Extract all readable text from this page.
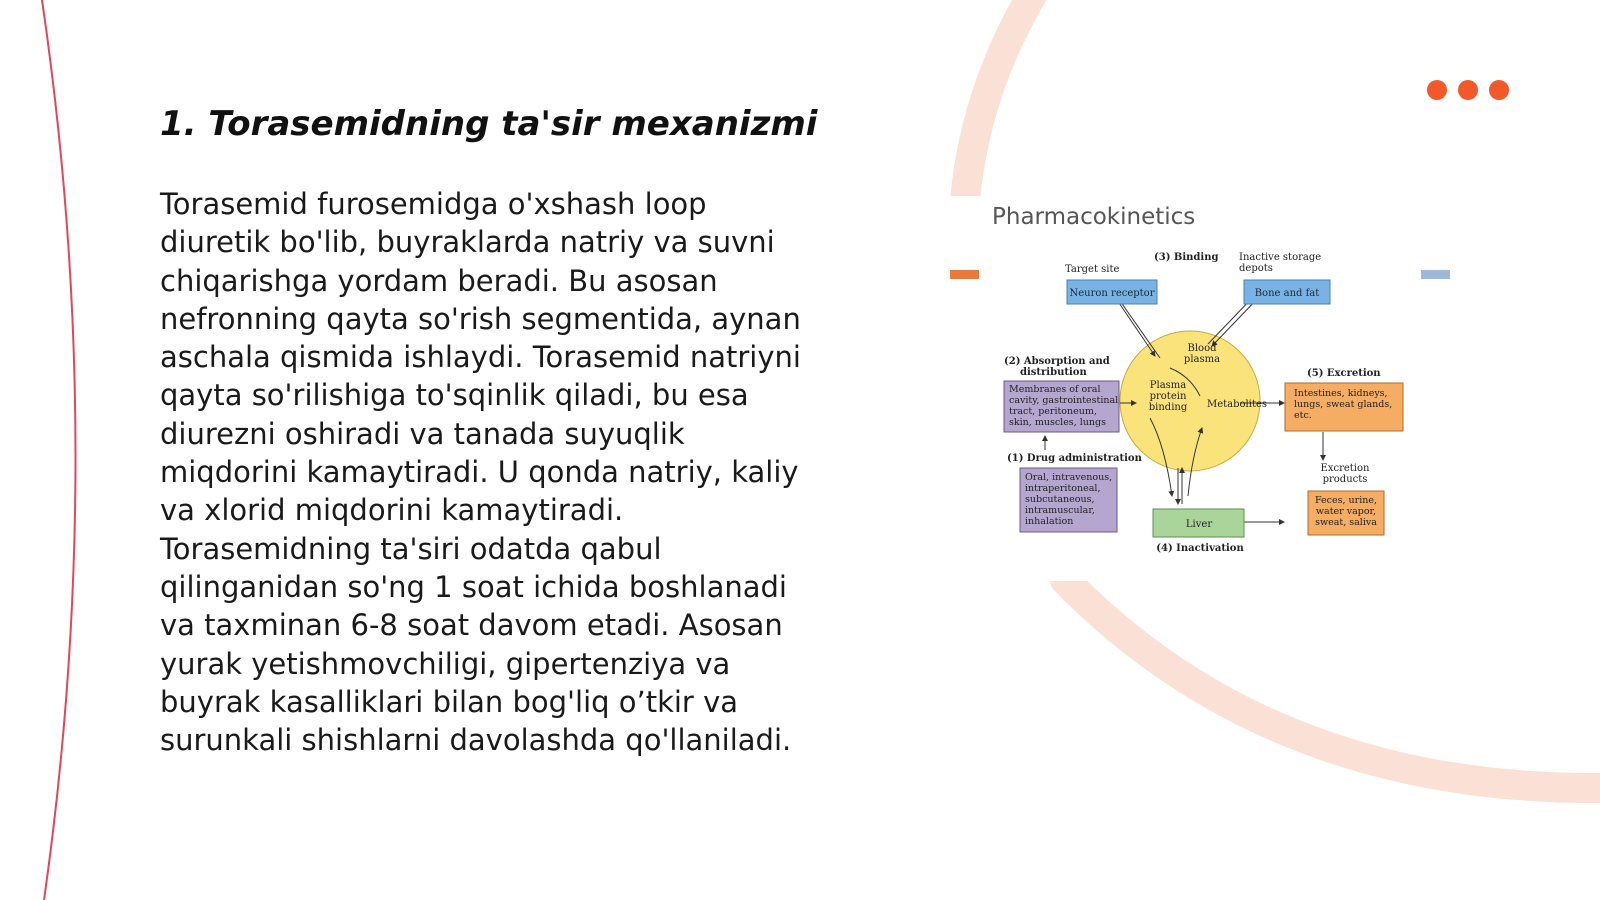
1. Torasemidning ta'sir mexanizmi
Torasemid furosemidga o'xshash loop
diuretik bo'lib, buyraklarda natriy va suvni
chiqarishga yordam beradi. Bu asosan
nefronning qayta so'rish segmentida, aynan
aschala qismida ishlaydi. Torasemid natriyni
qayta so'rilishiga to'sqinlik qiladi, bu esa
diurezni oshiradi va tanada suyuqlik
miqdorini kamaytiradi. U qonda natriy, kaliy
va xlorid miqdorini kamaytiradi.
Torasemidning ta'siri odatda qabul
qilinganidan so'ng 1 soat ichida boshlanadi
va taxminan 6-8 soat davom etadi. Asosan
yurak yetishmovchiligi, gipertenziya va
buyrak kasalliklari bilan bog'liq o’tkir va
surunkali shishlarni davolashda qo'llaniladi.
Pharmacokinetics
(3) Binding
Target site
Inactive storage
depots
Neuron receptor	Bone and fat
Blood
plasma
Plasma
protein
binding Metabolites
(2) Absorption and
distribution
Membranes of oral
cavity, gastrointestinal
tract, peritoneum,
skin, muscles, lungs
(5) Excretion
Intestines, kidneys,
lungs, sweat glands,
etc.
(1) Drug administration
Oral, intravenous,
intraperitoneal,
subcutaneous,
intramuscular,
inhalation
Excretion
products
Feces, urine,
water vapor,
sweat, saliva
Liver
(4) Inactivation
